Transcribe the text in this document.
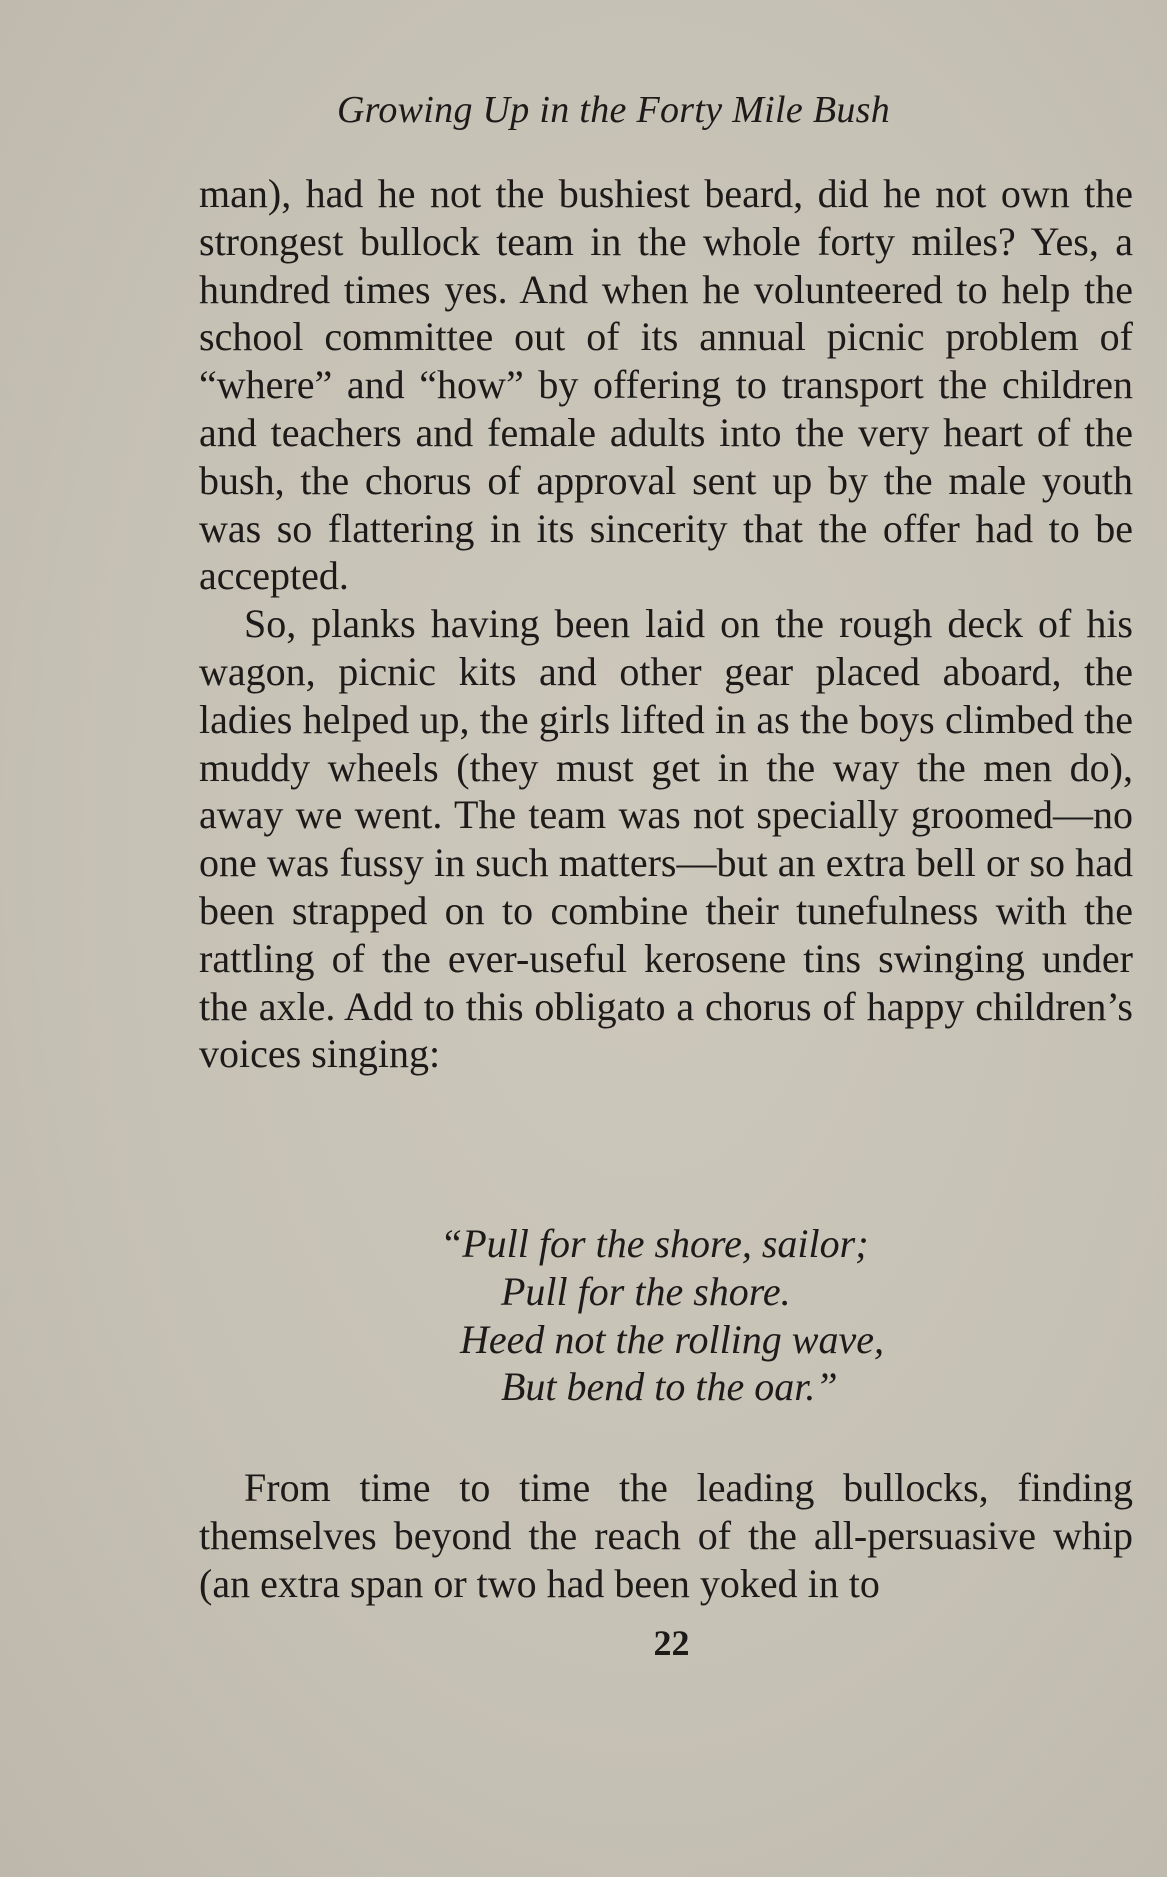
Growing Up in the Forty Mile Bush

man), had he not the bushiest beard, did he not own the strongest bullock team in the whole forty miles? Yes, a hundred times yes. And when he volunteered to help the school committee out of its annual picnic problem of “where” and “how” by offering to transport the children and teachers and female adults into the very heart of the bush, the chorus of approval sent up by the male youth was so flattering in its sincerity that the offer had to be accepted.

So, planks having been laid on the rough deck of his wagon, picnic kits and other gear placed aboard, the ladies helped up, the girls lifted in as the boys climbed the muddy wheels (they must get in the way the men do), away we went. The team was not specially groomed—no one was fussy in such matters—but an extra bell or so had been strapped on to combine their tunefulness with the rattling of the ever-useful kerosene tins swinging under the axle. Add to this obligato a chorus of happy children’s voices singing:

“Pull for the shore, sailor;
Pull for the shore.
Heed not the rolling wave,
But bend to the oar.”

From time to time the leading bullocks, finding themselves beyond the reach of the all-persuasive whip (an extra span or two had been yoked in to

22
